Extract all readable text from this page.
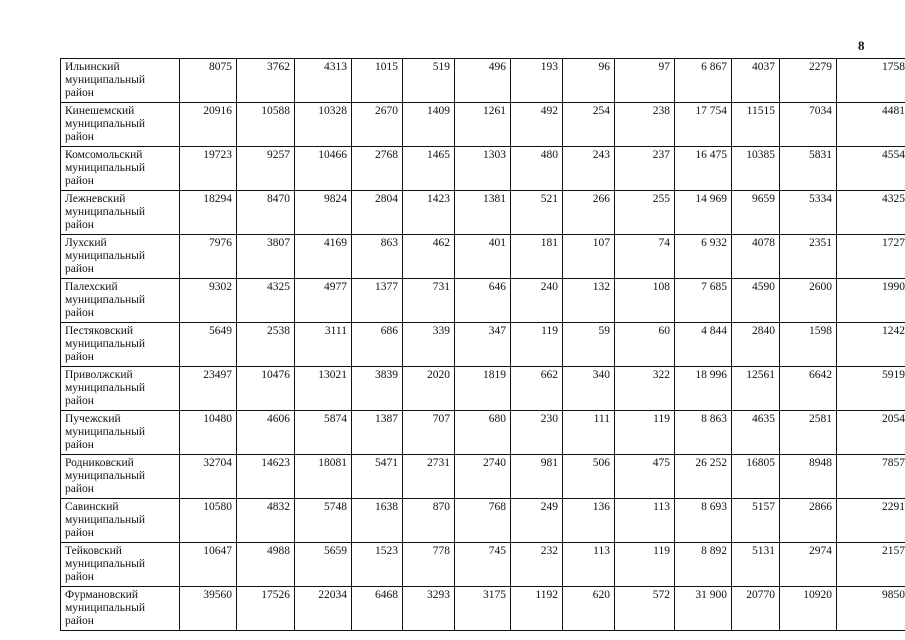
8
Ильинский
муниципальный
район	8075	3762	4313	1015	519	496	193	96	97	6 867	4037	2279	1758
Кинешемский
муниципальный
район	20916	10588	10328	2670	1409	1261	492	254	238	17 754	11515	7034	4481
Комсомольский
муниципальный
район	19723	9257	10466	2768	1465	1303	480	243	237	16 475	10385	5831	4554
Лежневский
муниципальный
район	18294	8470	9824	2804	1423	1381	521	266	255	14 969	9659	5334	4325
Лухский
муниципальный
район	7976	3807	4169	863	462	401	181	107	74	6 932	4078	2351	1727
Палехский
муниципальный
район	9302	4325	4977	1377	731	646	240	132	108	7 685	4590	2600	1990
Пестяковский
муниципальный
район	5649	2538	3111	686	339	347	119	59	60	4 844	2840	1598	1242
Приволжский
муниципальный
район	23497	10476	13021	3839	2020	1819	662	340	322	18 996	12561	6642	5919
Пучежский
муниципальный
район	10480	4606	5874	1387	707	680	230	111	119	8 863	4635	2581	2054
Родниковский
муниципальный
район	32704	14623	18081	5471	2731	2740	981	506	475	26 252	16805	8948	7857
Савинский
муниципальный
район	10580	4832	5748	1638	870	768	249	136	113	8 693	5157	2866	2291
Тейковский
муниципальный
район	10647	4988	5659	1523	778	745	232	113	119	8 892	5131	2974	2157
Фурмановский
муниципальный
район	39560	17526	22034	6468	3293	3175	1192	620	572	31 900	20770	10920	9850
